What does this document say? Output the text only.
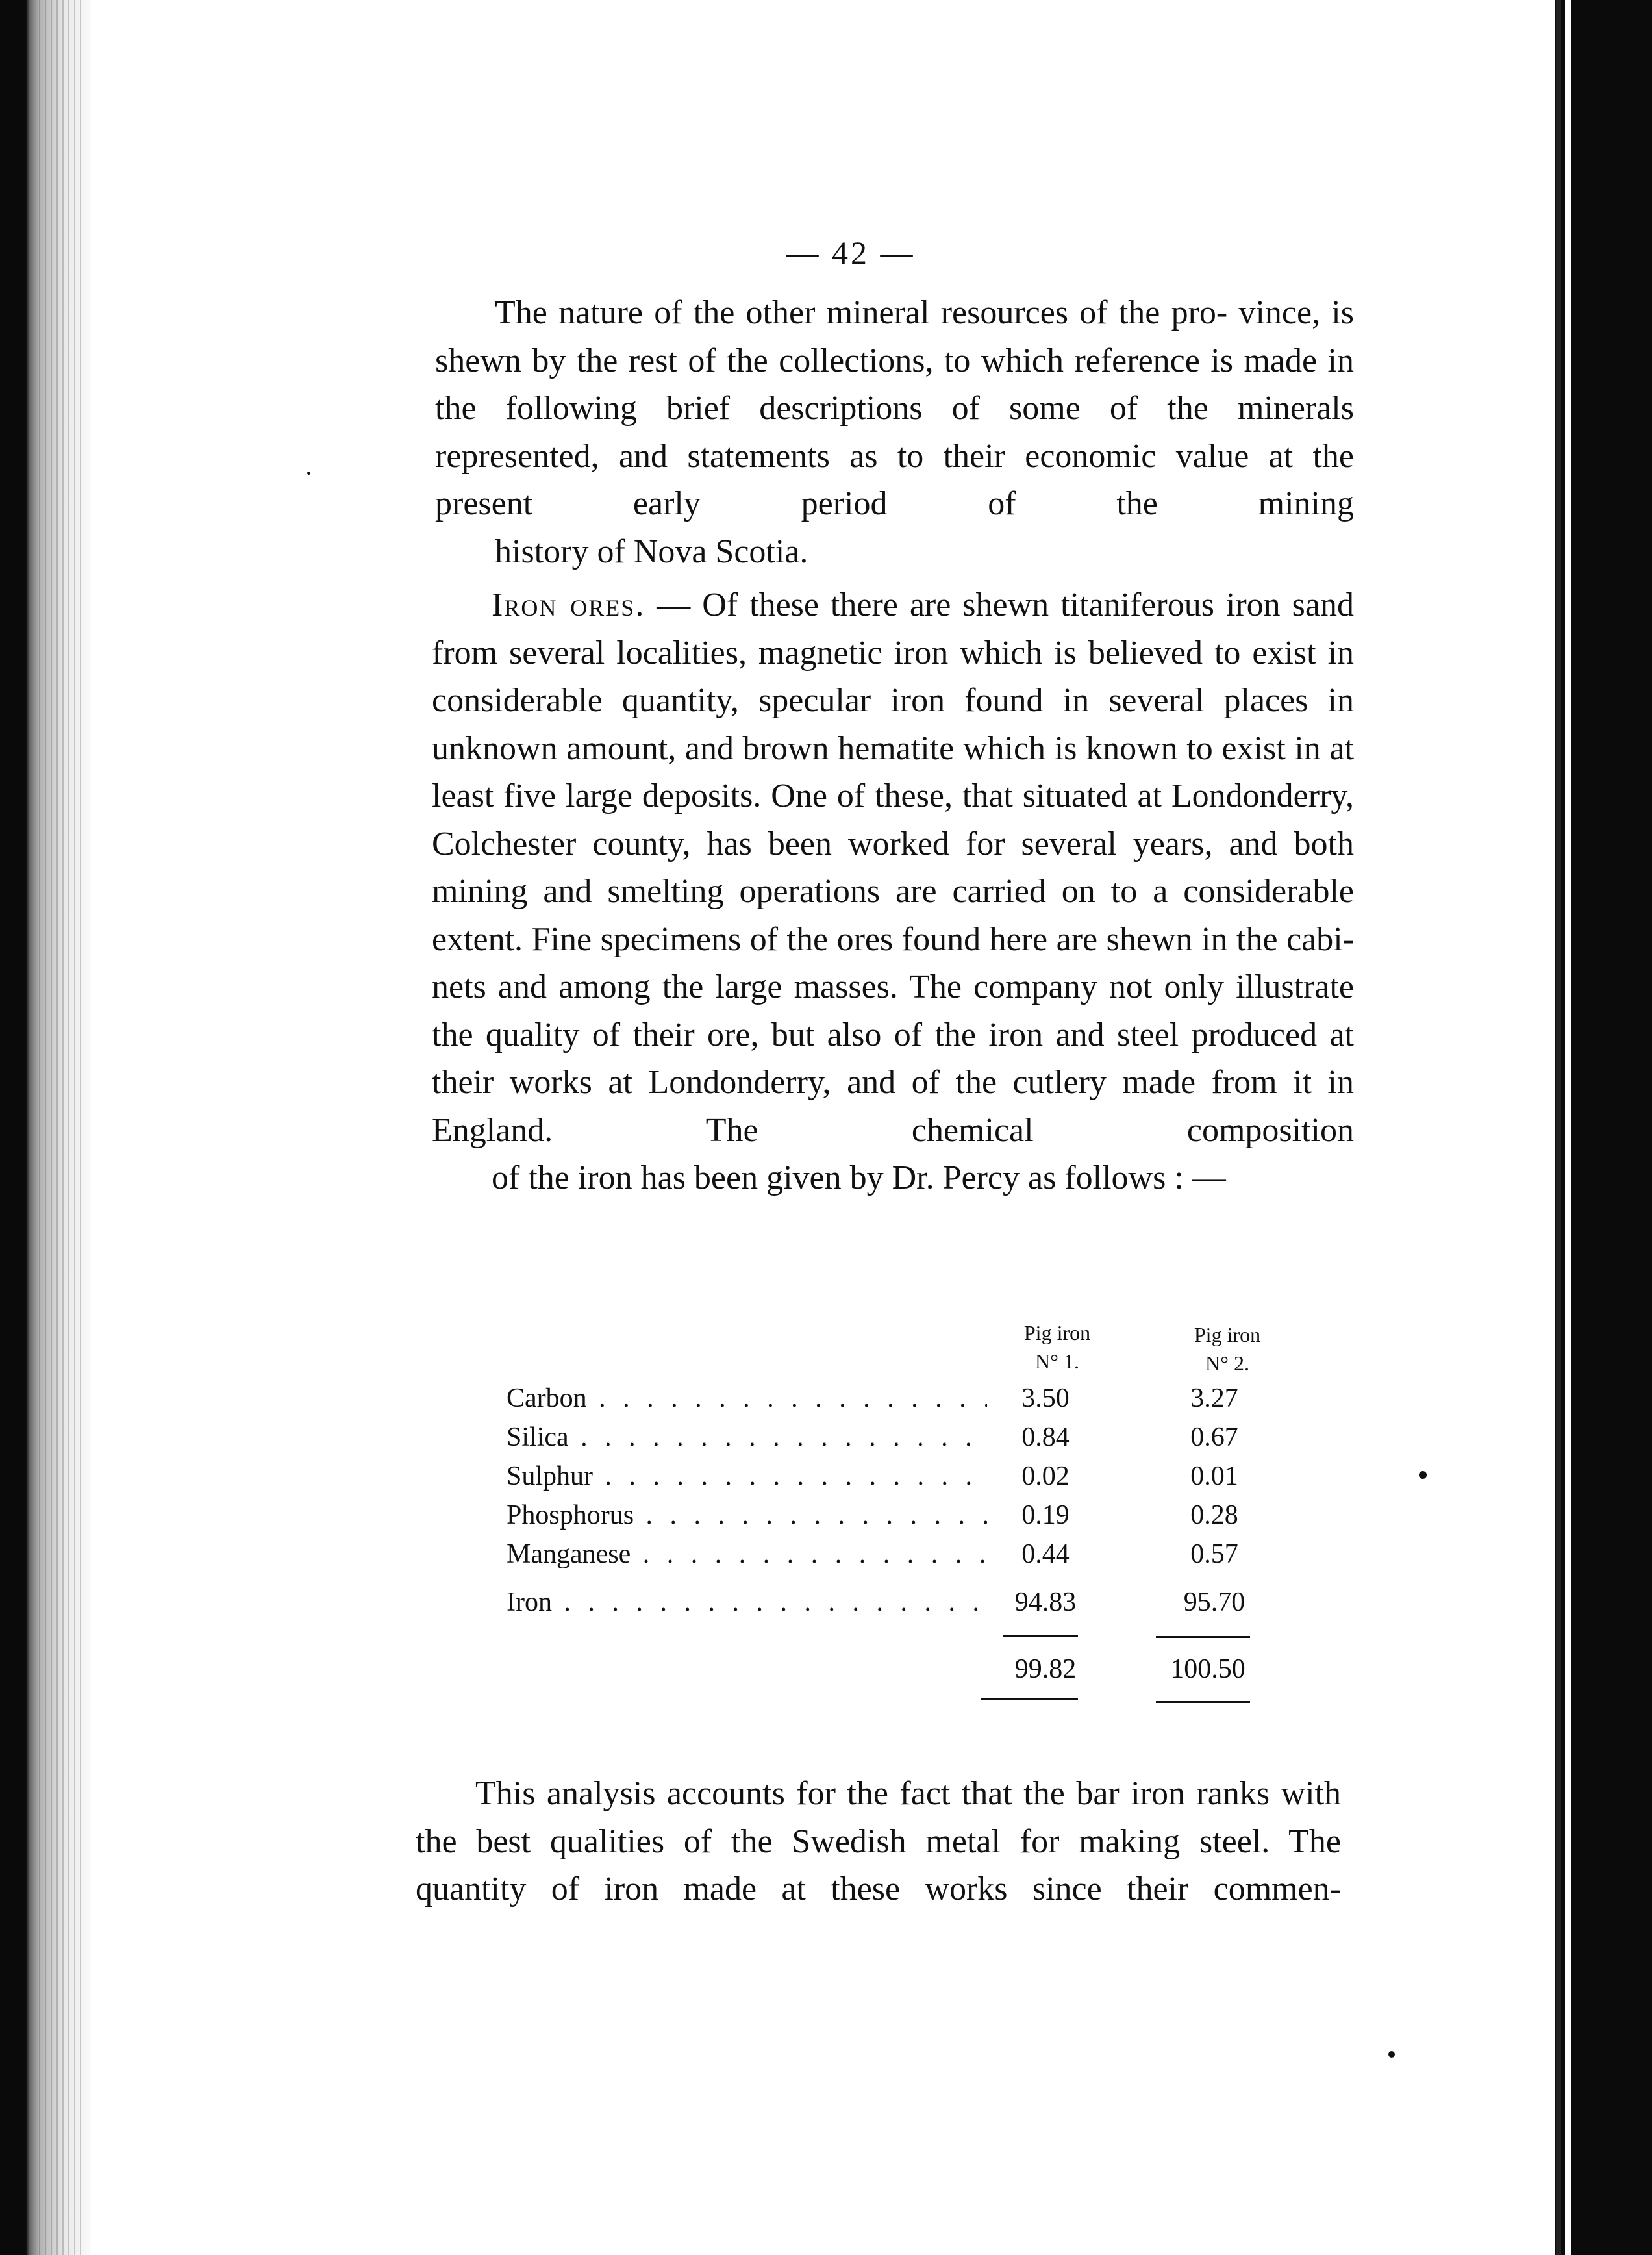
— 42 —

The nature of the other mineral resources of the pro- vince, is shewn by the rest of the collections, to which reference is made in the following brief descriptions of some of the minerals represented, and statements as to their economic value at the present early period of the mining
history of Nova Scotia.

Iron ores. — Of these there are shewn titaniferous iron sand from several localities, magnetic iron which is believed to exist in considerable quantity, specular iron found in several places in unknown amount, and brown hematite which is known to exist in at least five large deposits. One of these, that situated at Londonderry, Colchester county, has been worked for several years, and both mining and smelting operations are carried on to a considerable extent. Fine specimens of the ores found here are shewn in the cabi- nets and among the large masses. The company not only illustrate the quality of their ore, but also of the iron and steel produced at their works at Londonderry, and of the cutlery made from it in England. The chemical composition
of the iron has been given by Dr. Percy as follows : —

Pig iron
N° 1.
Pig iron
N° 2.
Carbon . . .	3.50	3.27
Silica . . .	0.84	0.67
Sulphur . . .	0.02	0.01
Phosphorus . . .	0.19	0.28
Manganese . . .	0.44	0.57
Iron . . .	94.83	95.70
99.82	100.50

This analysis accounts for the fact that the bar iron ranks with the best qualities of the Swedish metal for making steel. The quantity of iron made at these works since their commen-
